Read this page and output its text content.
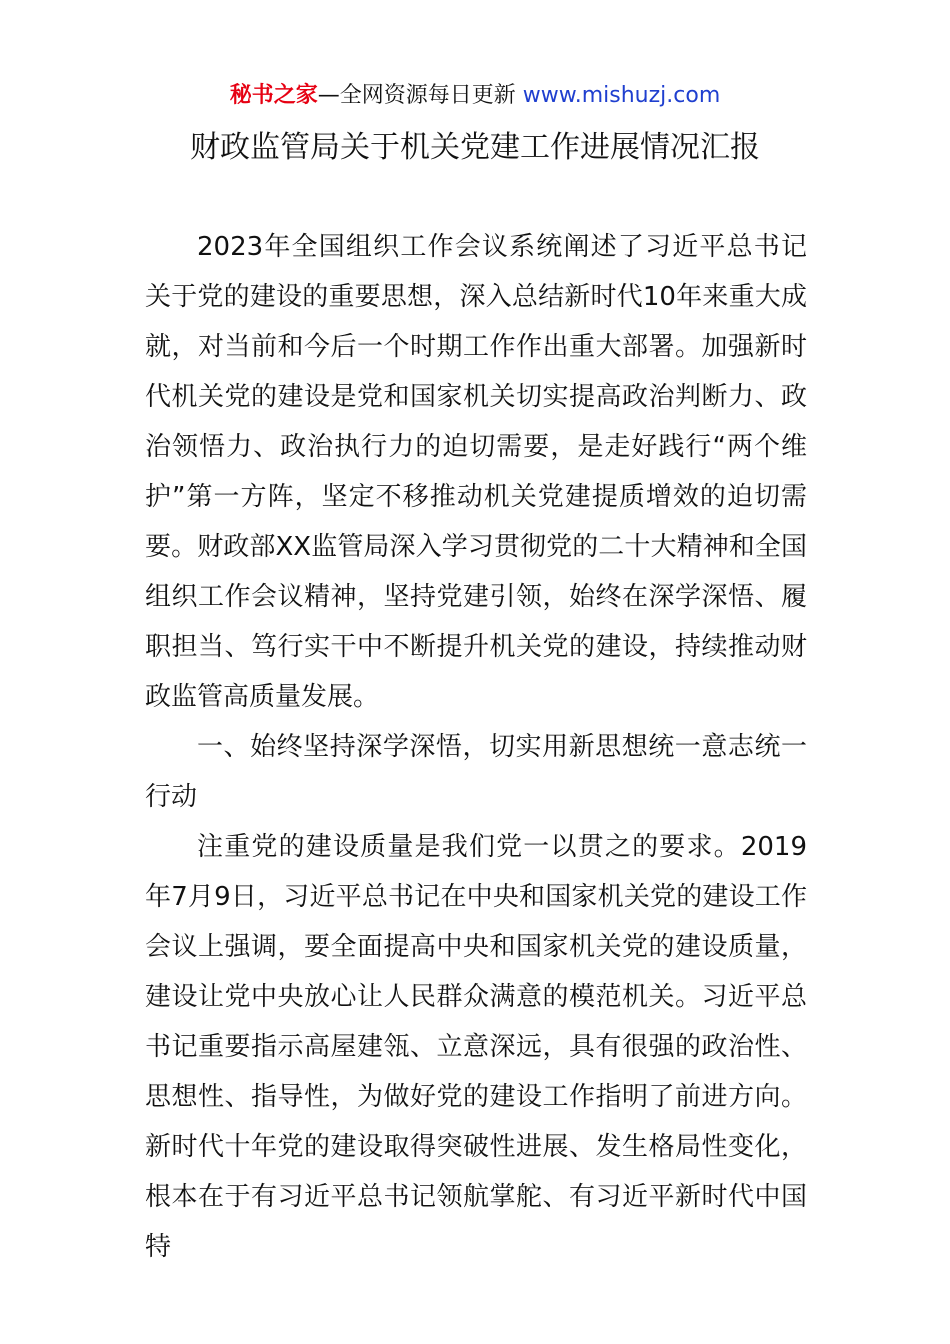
秘书之家—全网资源每日更新 www.mishuzj.com
财政监管局关于机关党建工作进展情况汇报

2023年全国组织工作会议系统阐述了习近平总书记关于党的建设的重要思想，深入总结新时代10年来重大成就，对当前和今后一个时期工作作出重大部署。加强新时代机关党的建设是党和国家机关切实提高政治判断力、政治领悟力、政治执行力的迫切需要，是走好践行“两个维护”第一方阵，坚定不移推动机关党建提质增效的迫切需要。财政部XX监管局深入学习贯彻党的二十大精神和全国组织工作会议精神，坚持党建引领，始终在深学深悟、履职担当、笃行实干中不断提升机关党的建设，持续推动财政监管高质量发展。

一、始终坚持深学深悟，切实用新思想统一意志统一行动

注重党的建设质量是我们党一以贯之的要求。2019年7月9日，习近平总书记在中央和国家机关党的建设工作会议上强调，要全面提高中央和国家机关党的建设质量，建设让党中央放心让人民群众满意的模范机关。习近平总书记重要指示高屋建瓴、立意深远，具有很强的政治性、思想性、指导性，为做好党的建设工作指明了前进方向。新时代十年党的建设取得突破性进展、发生格局性变化，根本在于有习近平总书记领航掌舵、有习近平新时代中国特
